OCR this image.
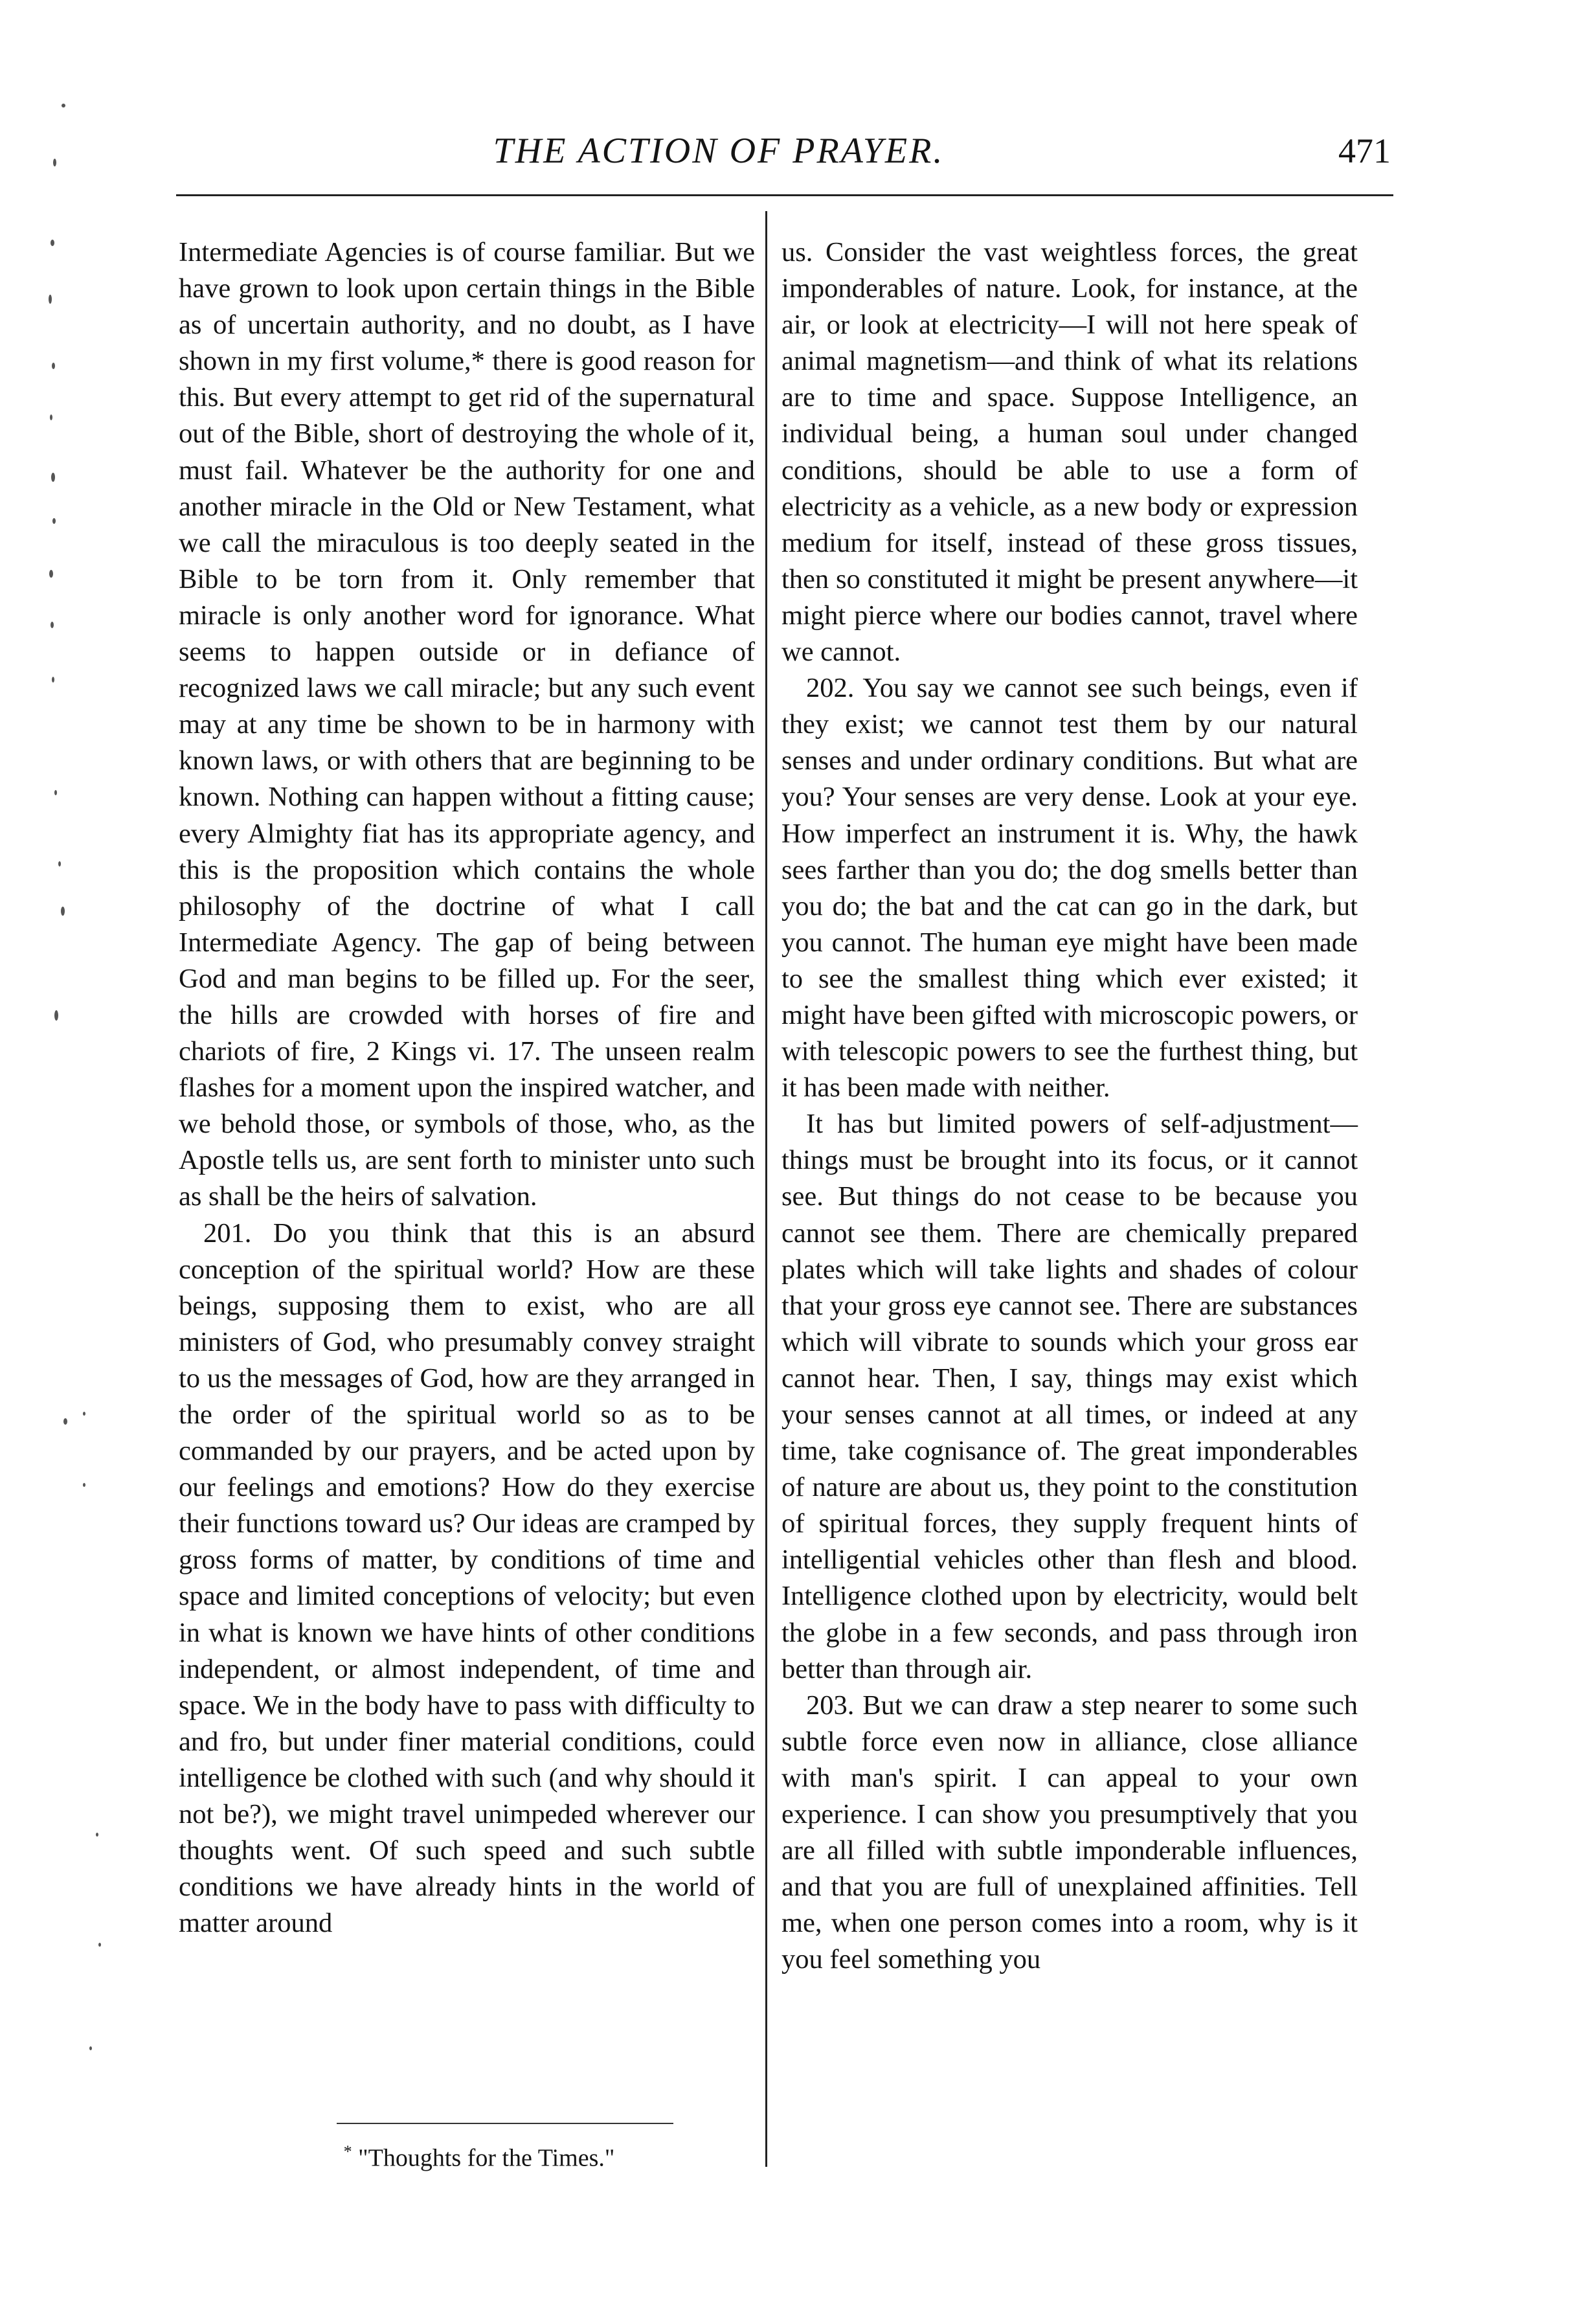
THE ACTION OF PRAYER.	471

Intermediate Agencies is of course familiar. But we have grown to look upon certain things in the Bible as of uncertain authority, and no doubt, as I have shown in my first volume,* there is good reason for this. But every attempt to get rid of the supernatural out of the Bible, short of destroying the whole of it, must fail. Whatever be the authority for one and another miracle in the Old or New Testament, what we call the miraculous is too deeply seated in the Bible to be torn from it. Only remember that miracle is only another word for ignorance. What seems to happen outside or in defiance of recognized laws we call miracle; but any such event may at any time be shown to be in harmony with known laws, or with others that are beginning to be known. Nothing can happen without a fitting cause; every Almighty fiat has its appropriate agency, and this is the proposition which contains the whole philosophy of the doctrine of what I call Intermediate Agency. The gap of being between God and man begins to be filled up. For the seer, the hills are crowded with horses of fire and chariots of fire, 2 Kings vi. 17. The unseen realm flashes for a moment upon the inspired watcher, and we behold those, or symbols of those, who, as the Apostle tells us, are sent forth to minister unto such as shall be the heirs of salvation.

201. Do you think that this is an absurd conception of the spiritual world? How are these beings, supposing them to exist, who are all ministers of God, who presumably convey straight to us the messages of God, how are they arranged in the order of the spiritual world so as to be commanded by our prayers, and be acted upon by our feelings and emotions? How do they exercise their functions toward us? Our ideas are cramped by gross forms of matter, by conditions of time and space and limited conceptions of velocity; but even in what is known we have hints of other conditions independent, or almost independent, of time and space. We in the body have to pass with difficulty to and fro, but under finer material conditions, could intelligence be clothed with such (and why should it not be?), we might travel unimpeded wherever our thoughts went. Of such speed and such subtle conditions we have already hints in the world of matter around

us. Consider the vast weightless forces, the great imponderables of nature. Look, for instance, at the air, or look at electricity—I will not here speak of animal magnetism—and think of what its relations are to time and space. Suppose Intelligence, an individual being, a human soul under changed conditions, should be able to use a form of electricity as a vehicle, as a new body or expression medium for itself, instead of these gross tissues, then so constituted it might be present anywhere—it might pierce where our bodies cannot, travel where we cannot.

202. You say we cannot see such beings, even if they exist; we cannot test them by our natural senses and under ordinary conditions. But what are you? Your senses are very dense. Look at your eye. How imperfect an instrument it is. Why, the hawk sees farther than you do; the dog smells better than you do; the bat and the cat can go in the dark, but you cannot. The human eye might have been made to see the smallest thing which ever existed; it might have been gifted with microscopic powers, or with telescopic powers to see the furthest thing, but it has been made with neither.

It has but limited powers of self-adjustment—things must be brought into its focus, or it cannot see. But things do not cease to be because you cannot see them. There are chemically prepared plates which will take lights and shades of colour that your gross eye cannot see. There are substances which will vibrate to sounds which your gross ear cannot hear. Then, I say, things may exist which your senses cannot at all times, or indeed at any time, take cognisance of. The great imponderables of nature are about us, they point to the constitution of spiritual forces, they supply frequent hints of intelligential vehicles other than flesh and blood. Intelligence clothed upon by electricity, would belt the globe in a few seconds, and pass through iron better than through air.

203. But we can draw a step nearer to some such subtle force even now in alliance, close alliance with man's spirit. I can appeal to your own experience. I can show you presumptively that you are all filled with subtle imponderable influences, and that you are full of unexplained affinities. Tell me, when one person comes into a room, why is it you feel something you

* "Thoughts for the Times."
